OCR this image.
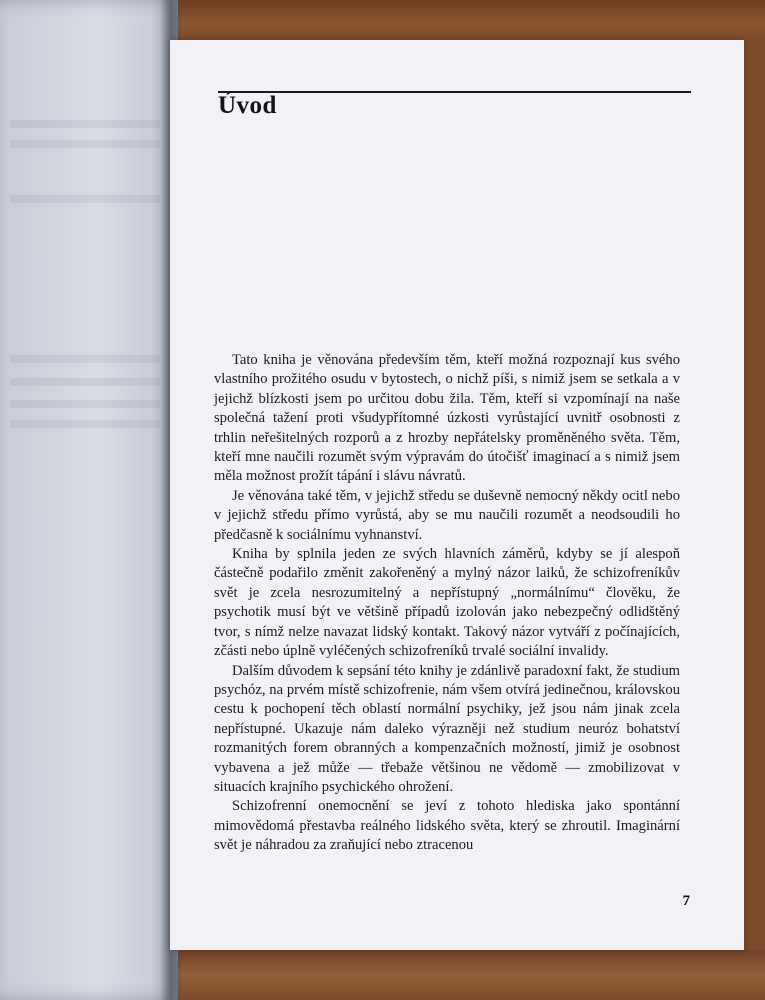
Úvod

Tato kniha je věnována především těm, kteří možná rozpoznají kus svého vlastního prožitého osudu v bytostech, o nichž píši, s nimiž jsem se setkala a v jejichž blízkosti jsem po určitou dobu žila. Těm, kteří si vzpomínají na naše společná tažení proti všudypřítomné úzkosti vyrůstající uvnitř osobnosti z trhlin neřešitelných rozporů a z hrozby nepřátelsky proměněného světa. Těm, kteří mne naučili rozumět svým výpravám do útočišť imaginací a s nimiž jsem měla možnost prožít tápání i slávu návratů.

Je věnována také těm, v jejichž středu se duševně nemocný někdy ocitl nebo v jejichž středu přímo vyrůstá, aby se mu naučili rozumět a neodsoudili ho předčasně k sociálnímu vyhnanství.

Kniha by splnila jeden ze svých hlavních záměrů, kdyby se jí alespoň částečně podařilo změnit zakořeněný a mylný názor laiků, že schizofreníkův svět je zcela nesrozumitelný a nepřístupný „normálnímu“ člověku, že psychotik musí být ve většině případů izolován jako nebezpečný odlidštěný tvor, s nímž nelze navazat lidský kontakt. Takový názor vytváří z počínajících, zčásti nebo úplně vyléčených schizofreníků trvalé sociální invalidy.

Dalším důvodem k sepsání této knihy je zdánlivě paradoxní fakt, že studium psychóz, na prvém místě schizofrenie, nám všem otvírá jedinečnou, královskou cestu k pochopení těch oblastí normální psychiky, jež jsou nám jinak zcela nepřístupné. Ukazuje nám daleko výrazněji než studium neuróz bohatství rozmanitých forem obranných a kompenzačních možností, jimiž je osobnost vybavena a jež může — třebaže většinou ne vědomě — zmobilizovat v situacích krajního psychického ohrožení.

Schizofrenní onemocnění se jeví z tohoto hlediska jako spontánní mimovědomá přestavba reálného lidského světa, který se zhroutil. Imaginární svět je náhradou za zraňující nebo ztracenou

7
